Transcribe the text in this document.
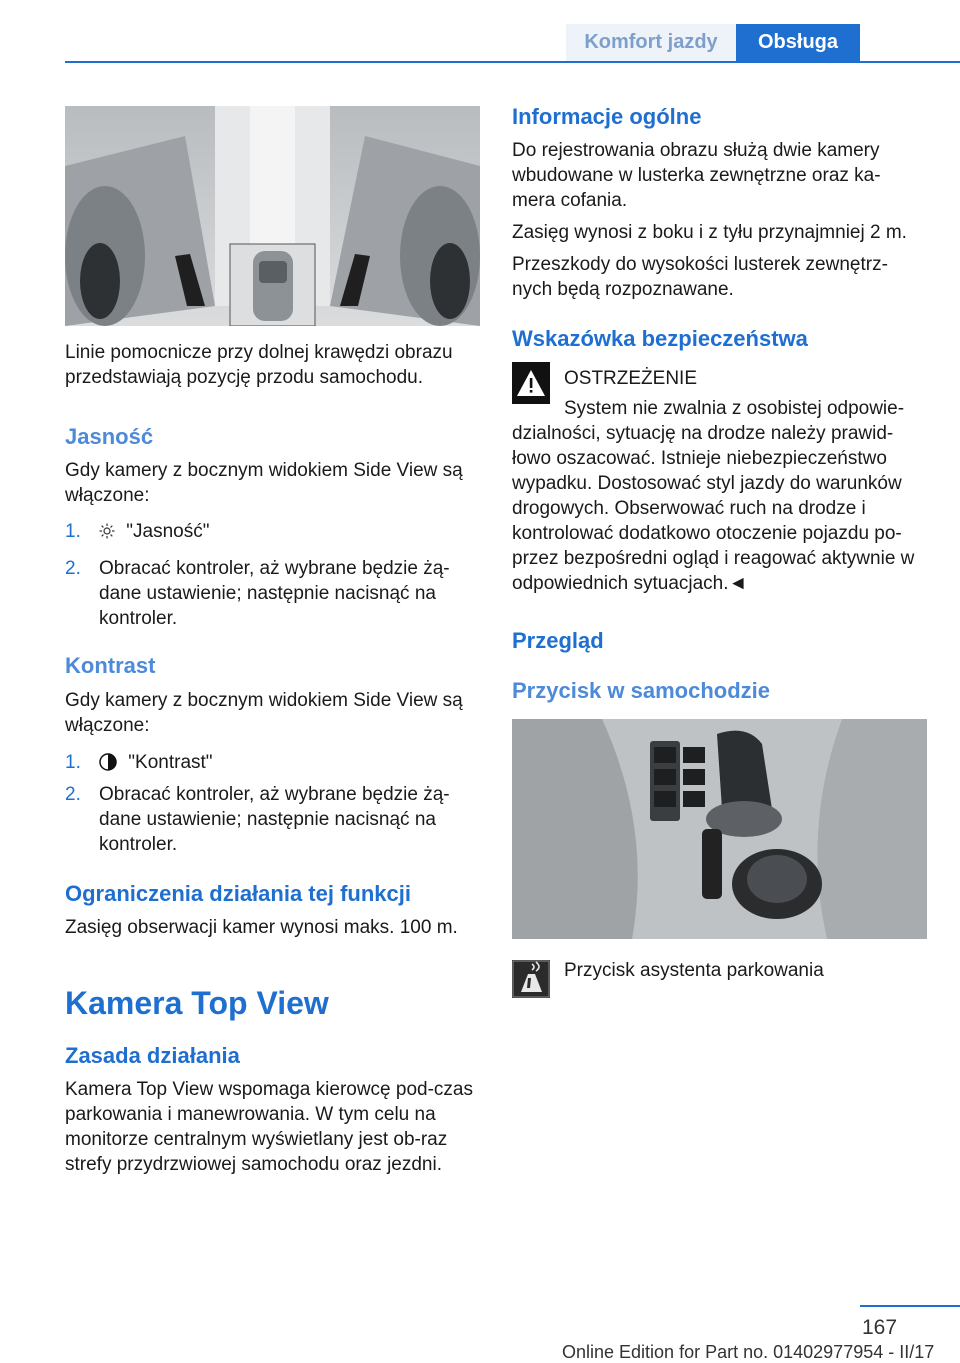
Komfort jazdy	Obsługa

Linie pomocnicze przy dolnej krawędzi obrazu przedstawiają pozycję przodu samochodu.

Jasność

Gdy kamery z bocznym widokiem Side View są włączone:

1.	"Jasność"
2. Obracać kontroler, aż wybrane będzie żą-dane ustawienie; następnie nacisnąć na kontroler.
Kontrast

Gdy kamery z bocznym widokiem Side View są włączone:

1.	"Kontrast"
2. Obracać kontroler, aż wybrane będzie żą-dane ustawienie; następnie nacisnąć na kontroler.
Ograniczenia działania tej funkcji

Zasięg obserwacji kamer wynosi maks. 100 m.

Kamera Top View
Zasada działania

Kamera Top View wspomaga kierowcę pod-czas parkowania i manewrowania. W tym celu na monitorze centralnym wyświetlany jest ob-raz strefy przydrzwiowej samochodu oraz jezdni.

Informacje ogólne

Do rejestrowania obrazu służą dwie kamery wbudowane w lusterka zewnętrzne oraz ka-mera cofania.

Zasięg wynosi z boku i z tyłu przynajmniej 2 m.

Przeszkody do wysokości lusterek zewnętrz-nych będą rozpoznawane.

Wskazówka bezpieczeństwa
OSTRZEŻENIE
System nie zwalnia z osobistej odpowie-

dzialności, sytuację na drodze należy prawid-łowo oszacować. Istnieje niebezpieczeństwo wypadku. Dostosować styl jazdy do warunków drogowych. Obserwować ruch na drodze i kontrolować dodatkowo otoczenie pojazdu po-przez bezpośredni ogląd i reagować aktywnie w odpowiednich sytuacjach.◄

Przegląd
Przycisk w samochodzie

Przycisk asystenta parkowania

167
Online Edition for Part no. 01402977954 - II/17
